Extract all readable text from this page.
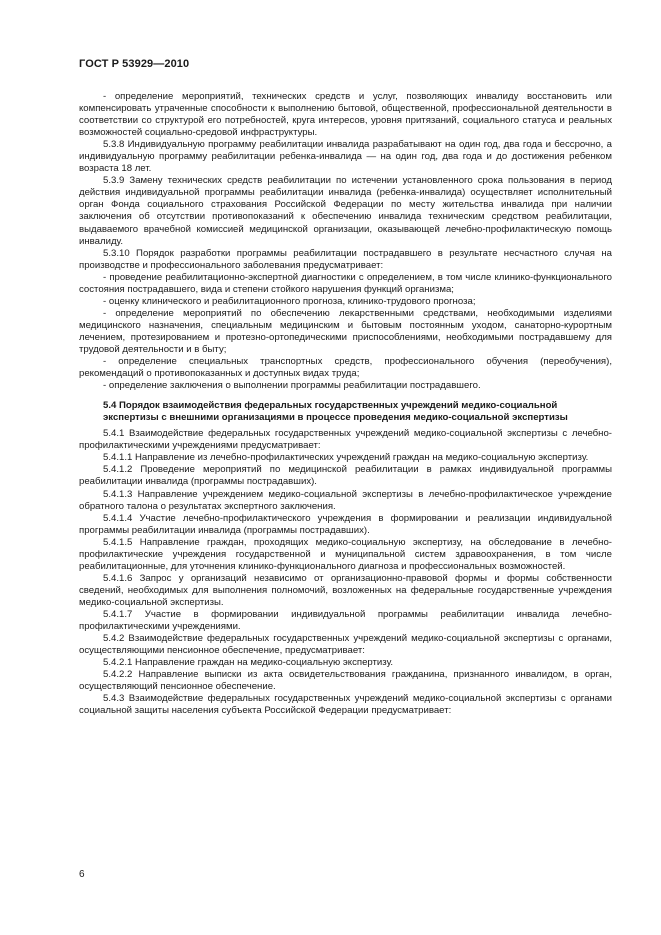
ГОСТ Р 53929—2010

- определение мероприятий, технических средств и услуг, позволяющих инвалиду восстановить или компенсировать утраченные способности к выполнению бытовой, общественной, профессиональной деятельности в соответствии со структурой его потребностей, круга интересов, уровня притязаний, социального статуса и реальных возможностей социально-средовой инфраструктуры.

5.3.8 Индивидуальную программу реабилитации инвалида разрабатывают на один год, два года и бессрочно, а индивидуальную программу реабилитации ребенка-инвалида — на один год, два года и до достижения ребенком возраста 18 лет.

5.3.9 Замену технических средств реабилитации по истечении установленного срока пользования в период действия индивидуальной программы реабилитации инвалида (ребенка-инвалида) осуществляет исполнительный орган Фонда социального страхования Российской Федерации по месту жительства инвалида при наличии заключения об отсутствии противопоказаний к обеспечению инвалида техническим средством реабилитации, выдаваемого врачебной комиссией медицинской организации, оказывающей лечебно-профилактическую помощь инвалиду.

5.3.10 Порядок разработки программы реабилитации пострадавшего в результате несчастного случая на производстве и профессионального заболевания предусматривает:

- проведение реабилитационно-экспертной диагностики с определением, в том числе клинико-функционального состояния пострадавшего, вида и степени стойкого нарушения функций организма;

- оценку клинического и реабилитационного прогноза, клинико-трудового прогноза;

- определение мероприятий по обеспечению лекарственными средствами, необходимыми изделиями медицинского назначения, специальным медицинским и бытовым постоянным уходом, санаторно-курортным лечением, протезированием и протезно-ортопедическими приспособлениями, необходимыми пострадавшему для трудовой деятельности и в быту;

- определение специальных транспортных средств, профессионального обучения (переобучения), рекомендаций о противопоказанных и доступных видах труда;

- определение заключения о выполнении программы реабилитации пострадавшего.

5.4 Порядок взаимодействия федеральных государственных учреждений медико-социальной экспертизы с внешними организациями в процессе проведения медико-социальной экспертизы

5.4.1 Взаимодействие федеральных государственных учреждений медико-социальной экспертизы с лечебно-профилактическими учреждениями предусматривает:

5.4.1.1 Направление из лечебно-профилактических учреждений граждан на медико-социальную экспертизу.

5.4.1.2 Проведение мероприятий по медицинской реабилитации в рамках индивидуальной программы реабилитации инвалида (программы пострадавших).

5.4.1.3 Направление учреждением медико-социальной экспертизы в лечебно-профилактическое учреждение обратного талона о результатах экспертного заключения.

5.4.1.4 Участие лечебно-профилактического учреждения в формировании и реализации индивидуальной программы реабилитации инвалида (программы пострадавших).

5.4.1.5 Направление граждан, проходящих медико-социальную экспертизу, на обследование в лечебно-профилактические учреждения государственной и муниципальной систем здравоохранения, в том числе реабилитационные, для уточнения клинико-функционального диагноза и профессиональных возможностей.

5.4.1.6 Запрос у организаций независимо от организационно-правовой формы и формы собственности сведений, необходимых для выполнения полномочий, возложенных на федеральные государственные учреждения медико-социальной экспертизы.

5.4.1.7 Участие в формировании индивидуальной программы реабилитации инвалида лечебно-профилактическими учреждениями.

5.4.2 Взаимодействие федеральных государственных учреждений медико-социальной экспертизы с органами, осуществляющими пенсионное обеспечение, предусматривает:

5.4.2.1 Направление граждан на медико-социальную экспертизу.

5.4.2.2 Направление выписки из акта освидетельствования гражданина, признанного инвалидом, в орган, осуществляющий пенсионное обеспечение.

5.4.3 Взаимодействие федеральных государственных учреждений медико-социальной экспертизы с органами социальной защиты населения субъекта Российской Федерации предусматривает:

6
